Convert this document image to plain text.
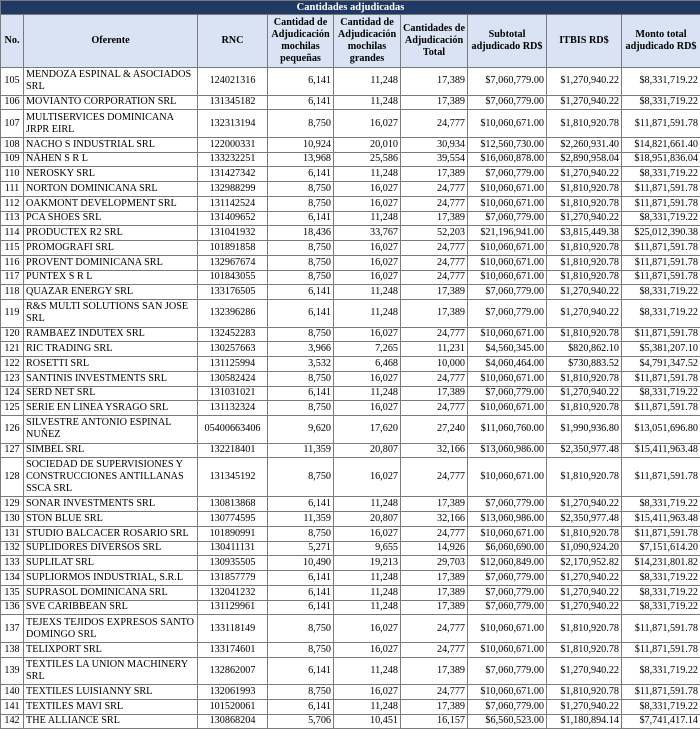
Cantidades adjudicadas								
No.	Oferente	RNC	Cantidad de Adjudicación mochilas pequeñas	Cantidad de Adjudicación mochilas grandes	Cantidades de Adjudicación Total	Subtotal adjudicado RD$	ITBIS RD$	Monto total adjudicado RD$
105	MENDOZA ESPINAL & ASOCIADOS SRL	124021316	6,141	11,248	17,389	$7,060,779.00	$1,270,940.22	$8,331,719.22
106	MOVIANTO CORPORATION SRL	131345182	6,141	11,248	17,389	$7,060,779.00	$1,270,940.22	$8,331,719.22
107	MULTISERVICES DOMINICANA JRPR EIRL	132313194	8,750	16,027	24,777	$10,060,671.00	$1,810,920.78	$11,871,591.78
108	NACHO S INDUSTRIAL SRL	122000331	10,924	20,010	30,934	$12,560,730.00	$2,260,931.40	$14,821,661.40
109	NÄHEN S R L	133232251	13,968	25,586	39,554	$16,060,878.00	$2,890,958.04	$18,951,836.04
110	NEROSKY SRL	131427342	6,141	11,248	17,389	$7,060,779.00	$1,270,940.22	$8,331,719.22
111	NORTON DOMINICANA SRL	132988299	8,750	16,027	24,777	$10,060,671.00	$1,810,920.78	$11,871,591.78
112	OAKMONT DEVELOPMENT SRL	131142524	8,750	16,027	24,777	$10,060,671.00	$1,810,920.78	$11,871,591.78
113	PCA SHOES SRL	131409652	6,141	11,248	17,389	$7,060,779.00	$1,270,940.22	$8,331,719.22
114	PRODUCTEX R2 SRL	131041932	18,436	33,767	52,203	$21,196,941.00	$3,815,449.38	$25,012,390.38
115	PROMOGRAFI SRL	101891858	8,750	16,027	24,777	$10,060,671.00	$1,810,920.78	$11,871,591.78
116	PROVENT DOMINICANA SRL	132967674	8,750	16,027	24,777	$10,060,671.00	$1,810,920.78	$11,871,591.78
117	PUNTEX S R L	101843055	8,750	16,027	24,777	$10,060,671.00	$1,810,920.78	$11,871,591.78
118	QUAZAR ENERGY SRL	133176505	6,141	11,248	17,389	$7,060,779.00	$1,270,940.22	$8,331,719.22
119	R&S MULTI SOLUTIONS SAN JOSE SRL	132396286	6,141	11,248	17,389	$7,060,779.00	$1,270,940.22	$8,331,719.22
120	RAMBAEZ INDUTEX SRL	132452283	8,750	16,027	24,777	$10,060,671.00	$1,810,920.78	$11,871,591.78
121	RIC TRADING SRL	130257663	3,966	7,265	11,231	$4,560,345.00	$820,862.10	$5,381,207.10
122	ROSETTI SRL	131125994	3,532	6,468	10,000	$4,060,464.00	$730,883.52	$4,791,347.52
123	SANTINIS INVESTMENTS SRL	130582424	8,750	16,027	24,777	$10,060,671.00	$1,810,920.78	$11,871,591.78
124	SERD NET SRL	131031021	6,141	11,248	17,389	$7,060,779.00	$1,270,940.22	$8,331,719.22
125	SERIE EN LINEA YSRAGO SRL	131132324	8,750	16,027	24,777	$10,060,671.00	$1,810,920.78	$11,871,591.78
126	SILVESTRE ANTONIO ESPINAL NUÑEZ	05400663406	9,620	17,620	27,240	$11,060,760.00	$1,990,936.80	$13,051,696.80
127	SIMBEL SRL	132218401	11,359	20,807	32,166	$13,060,986.00	$2,350,977.48	$15,411,963.48
128	SOCIEDAD DE SUPERVISIONES Y CONSTRUCCIONES ANTILLANAS SSCA SRL	131345192	8,750	16,027	24,777	$10,060,671.00	$1,810,920.78	$11,871,591.78
129	SONAR INVESTMENTS SRL	130813868	6,141	11,248	17,389	$7,060,779.00	$1,270,940.22	$8,331,719.22
130	STON BLUE SRL	130774595	11,359	20,807	32,166	$13,060,986.00	$2,350,977.48	$15,411,963.48
131	STUDIO BALCACER ROSARIO SRL	101890991	8,750	16,027	24,777	$10,060,671.00	$1,810,920.78	$11,871,591.78
132	SUPLIDORES DIVERSOS SRL	130411131	5,271	9,655	14,926	$6,060,690.00	$1,090,924.20	$7,151,614.20
133	SUPLILAT SRL	130935505	10,490	19,213	29,703	$12,060,849.00	$2,170,952.82	$14,231,801.82
134	SUPLIORMOS INDUSTRIAL, S.R.L	131857779	6,141	11,248	17,389	$7,060,779.00	$1,270,940.22	$8,331,719.22
135	SUPRASOL DOMINICANA SRL	132041232	6,141	11,248	17,389	$7,060,779.00	$1,270,940.22	$8,331,719.22
136	SVE CARIBBEAN SRL	131129961	6,141	11,248	17,389	$7,060,779.00	$1,270,940.22	$8,331,719.22
137	TEJEXS TEJIDOS EXPRESOS SANTO DOMINGO SRL	133118149	8,750	16,027	24,777	$10,060,671.00	$1,810,920.78	$11,871,591.78
138	TELIXPORT SRL	133174601	8,750	16,027	24,777	$10,060,671.00	$1,810,920.78	$11,871,591.78
139	TEXTILES LA UNION MACHINERY SRL	132862007	6,141	11,248	17,389	$7,060,779.00	$1,270,940.22	$8,331,719.22
140	TEXTILES LUISIANNY SRL	132061993	8,750	16,027	24,777	$10,060,671.00	$1,810,920.78	$11,871,591.78
141	TEXTILES MAVI SRL	101520061	6,141	11,248	17,389	$7,060,779.00	$1,270,940.22	$8,331,719.22
142	THE ALLIANCE SRL	130868204	5,706	10,451	16,157	$6,560,523.00	$1,180,894.14	$7,741,417.14
